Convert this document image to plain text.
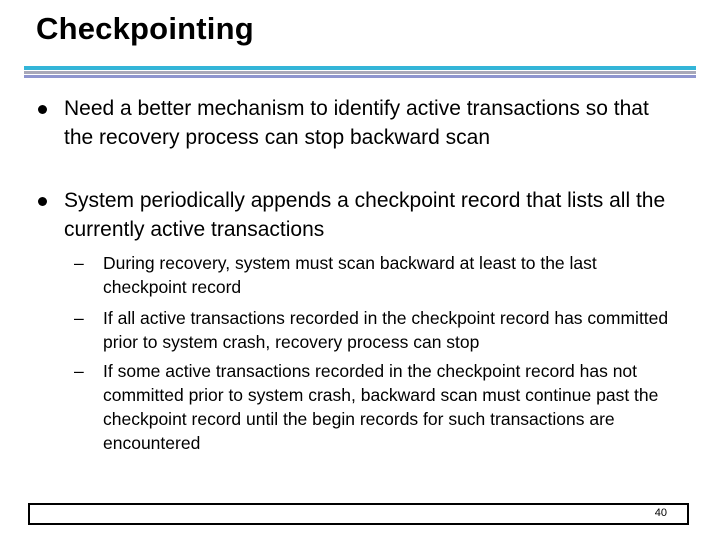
Checkpointing
Need a better mechanism to identify active transactions so that the recovery process can stop backward scan
System periodically appends a checkpoint record that lists all the currently active transactions
– During recovery, system must scan backward at least to the last checkpoint record
– If all active transactions recorded in the checkpoint record has committed prior to system crash, recovery process can stop
– If some active transactions recorded in the checkpoint record has not committed prior to system crash, backward scan must continue past the checkpoint record until the begin records for such transactions are encountered
40
